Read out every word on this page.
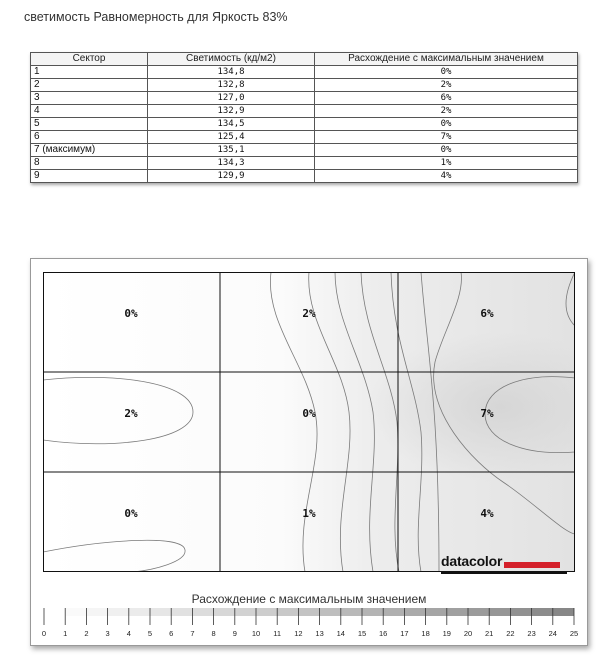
светимость Равномерность для Яркость 83%
Сектор	Светимость (кд/м2)	Расхождение с максимальным значением
1	134,8	0%
2	132,8	2%
3	127,0	6%
4	132,9	2%
5	134,5	0%
6	125,4	7%
7 (максимум)	135,1	0%
8	134,3	1%
9	129,9	4%
0%	2%	6%
2%	0%	7%
0%	1%	4%
datacolor
Расхождение с максимальным значением
0 1 2 3 4 5 6 7 8 9 10 11 12 13 14 15 16 17 18 19 20 21 22 23 24 25
